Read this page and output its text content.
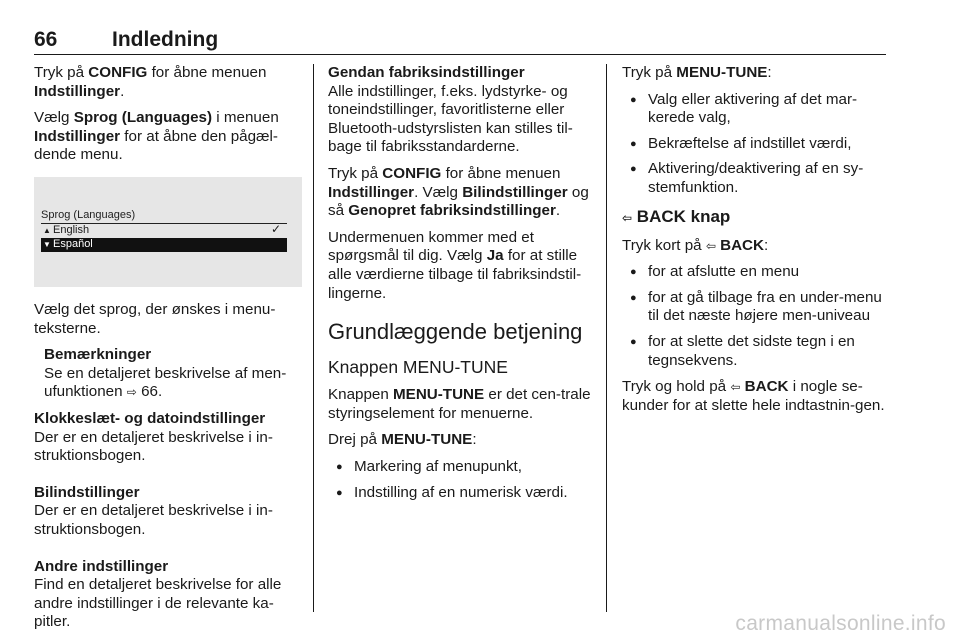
66	Indledning

Tryk på CONFIG for åbne menuen
Indstillinger.

Vælg Sprog (Languages) i menuen
Indstillinger for at åbne den pågæl-dende menu.

Sprog (Languages)
▲ English	✓
▼ Español

Vælg det sprog, der ønskes i menu-teksterne.

Bemærkninger
Se en detaljeret beskrivelse af men-ufunktionen ⇨ 66.

Klokkeslæt- og datoindstillinger
Der er en detaljeret beskrivelse i in-struktionsbogen.

Bilindstillinger
Der er en detaljeret beskrivelse i in-struktionsbogen.

Andre indstillinger
Find en detaljeret beskrivelse for alle andre indstillinger i de relevante ka-pitler.

Gendan fabriksindstillinger
Alle indstillinger, f.eks. lydstyrke- og toneindstillinger, favoritlisterne eller Bluetooth-udstyrslisten kan stilles til-bage til fabriksstandarderne.

Tryk på CONFIG for åbne menuen
Indstillinger. Vælg Bilindstillinger og
så Genopret fabriksindstillinger.

Undermenuen kommer med et spørgsmål til dig. Vælg Ja for at stille alle værdierne tilbage til fabriksindstil-lingerne.

Grundlæggende betjening
Knappen MENU-TUNE

Knappen MENU-TUNE er det cen-trale styringselement for menuerne.

Drej på MENU-TUNE:

● Markering af menupunkt,
● Indstilling af en numerisk værdi.

Tryk på MENU-TUNE:

● Valg eller aktivering af det mar-kerede valg,
● Bekræftelse af indstillet værdi,
● Aktivering/deaktivering af en sy-stemfunktion.
⇦ BACK knap

Tryk kort på ⇦ BACK:

● for at afslutte en menu
● for at gå tilbage fra en under-menu til det næste højere men-univeau
● for at slette det sidste tegn i en tegnsekvens.

Tryk og hold på ⇦ BACK i nogle se-kunder for at slette hele indtastnin-gen.

carmanualsonline.info
